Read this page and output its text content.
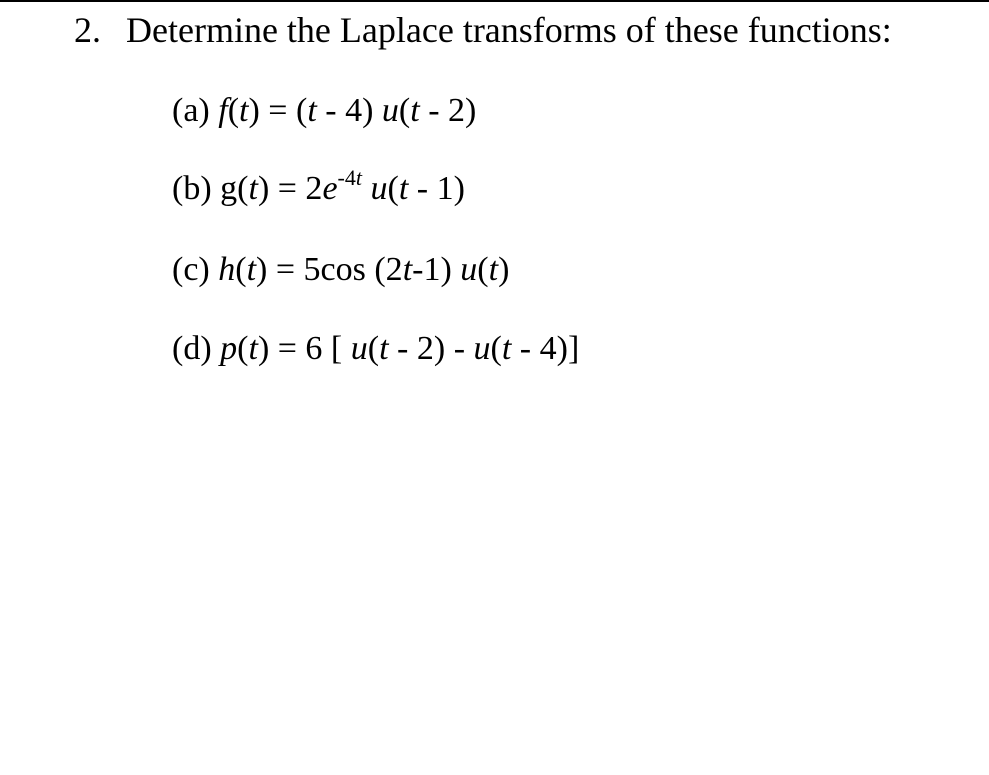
2. Determine the Laplace transforms of these functions:
(a) f(t) = (t - 4) u(t - 2)
(b) $g(t) = 2e^{-4t}$ u(t - 1)
(c) h(t) = 5cos (2t-1) u(t)
(d) p(t) = 6 [ u(t - 2) - u(t - 4)]
